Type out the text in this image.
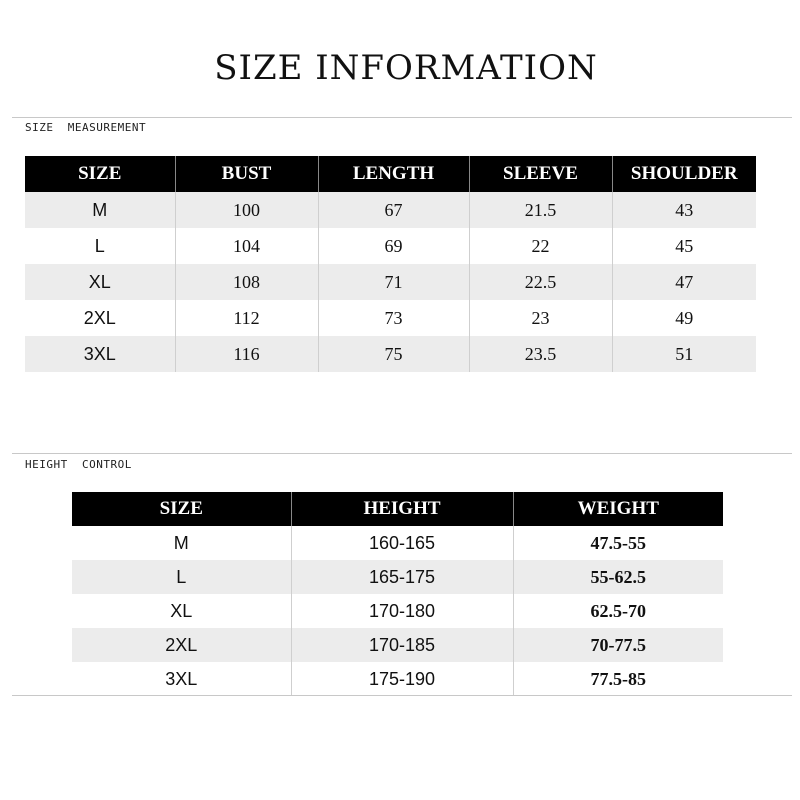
SIZE INFORMATION
SIZE  MEASUREMENT
SIZE	BUST	LENGTH	SLEEVE	SHOULDER
M	100	67	21.5	43
L	104	69	22	45
XL	108	71	22.5	47
2XL	112	73	23	49
3XL	116	75	23.5	51
HEIGHT  CONTROL
SIZE	HEIGHT	WEIGHT
M	160-165	47.5-55
L	165-175	55-62.5
XL	170-180	62.5-70
2XL	170-185	70-77.5
3XL	175-190	77.5-85
